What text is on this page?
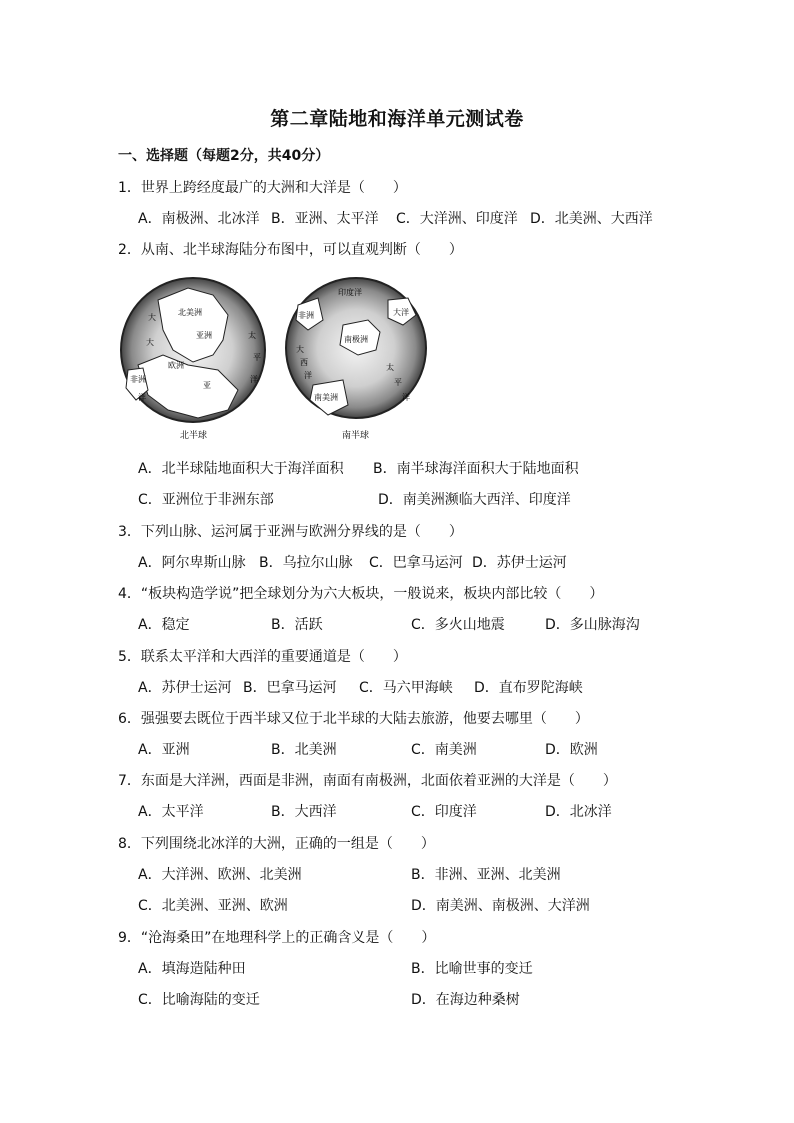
第二章陆地和海洋单元测试卷
一、选择题（每题2分，共40分）
1．世界上跨经度最广的大洲和大洋是（　　）
A．南极洲、北冰洋 B．亚洲、太平洋 C．大洋洲、印度洋 D．北美洲、大西洋
2．从南、北半球海陆分布图中，可以直观判断（　　）
北美洲
大
亚洲
欧洲
非洲
亚
大
洋
太
平
洋
北半球
印度洋
非洲	大洋
南极洲
大
西
洋
南美洲
太
平
洋
南半球
A．北半球陆地面积大于海洋面积 B．南半球海洋面积大于陆地面积
C．亚洲位于非洲东部	D．南美洲濒临大西洋、印度洋
3．下列山脉、运河属于亚洲与欧洲分界线的是（　　）
A．阿尔卑斯山脉 B．乌拉尔山脉 C．巴拿马运河 D．苏伊士运河
4．“板块构造学说”把全球划分为六大板块，一般说来，板块内部比较（　　）
A．稳定	B．活跃	C．多火山地震	D．多山脉海沟
5．联系太平洋和大西洋的重要通道是（　　）
A．苏伊士运河 B．巴拿马运河 C．马六甲海峡 D．直布罗陀海峡
6．强强要去既位于西半球又位于北半球的大陆去旅游，他要去哪里（　　）
A．亚洲	B．北美洲	C．南美洲	D．欧洲
7．东面是大洋洲，西面是非洲，南面有南极洲，北面依着亚洲的大洋是（　　）
A．太平洋	B．大西洋	C．印度洋	D．北冰洋
8．下列围绕北冰洋的大洲，正确的一组是（　　）
A．大洋洲、欧洲、北美洲	B．非洲、亚洲、北美洲
C．北美洲、亚洲、欧洲	D．南美洲、南极洲、大洋洲
9．“沧海桑田”在地理科学上的正确含义是（　　）
A．填海造陆种田	B．比喻世事的变迁
C．比喻海陆的变迁	D．在海边种桑树
